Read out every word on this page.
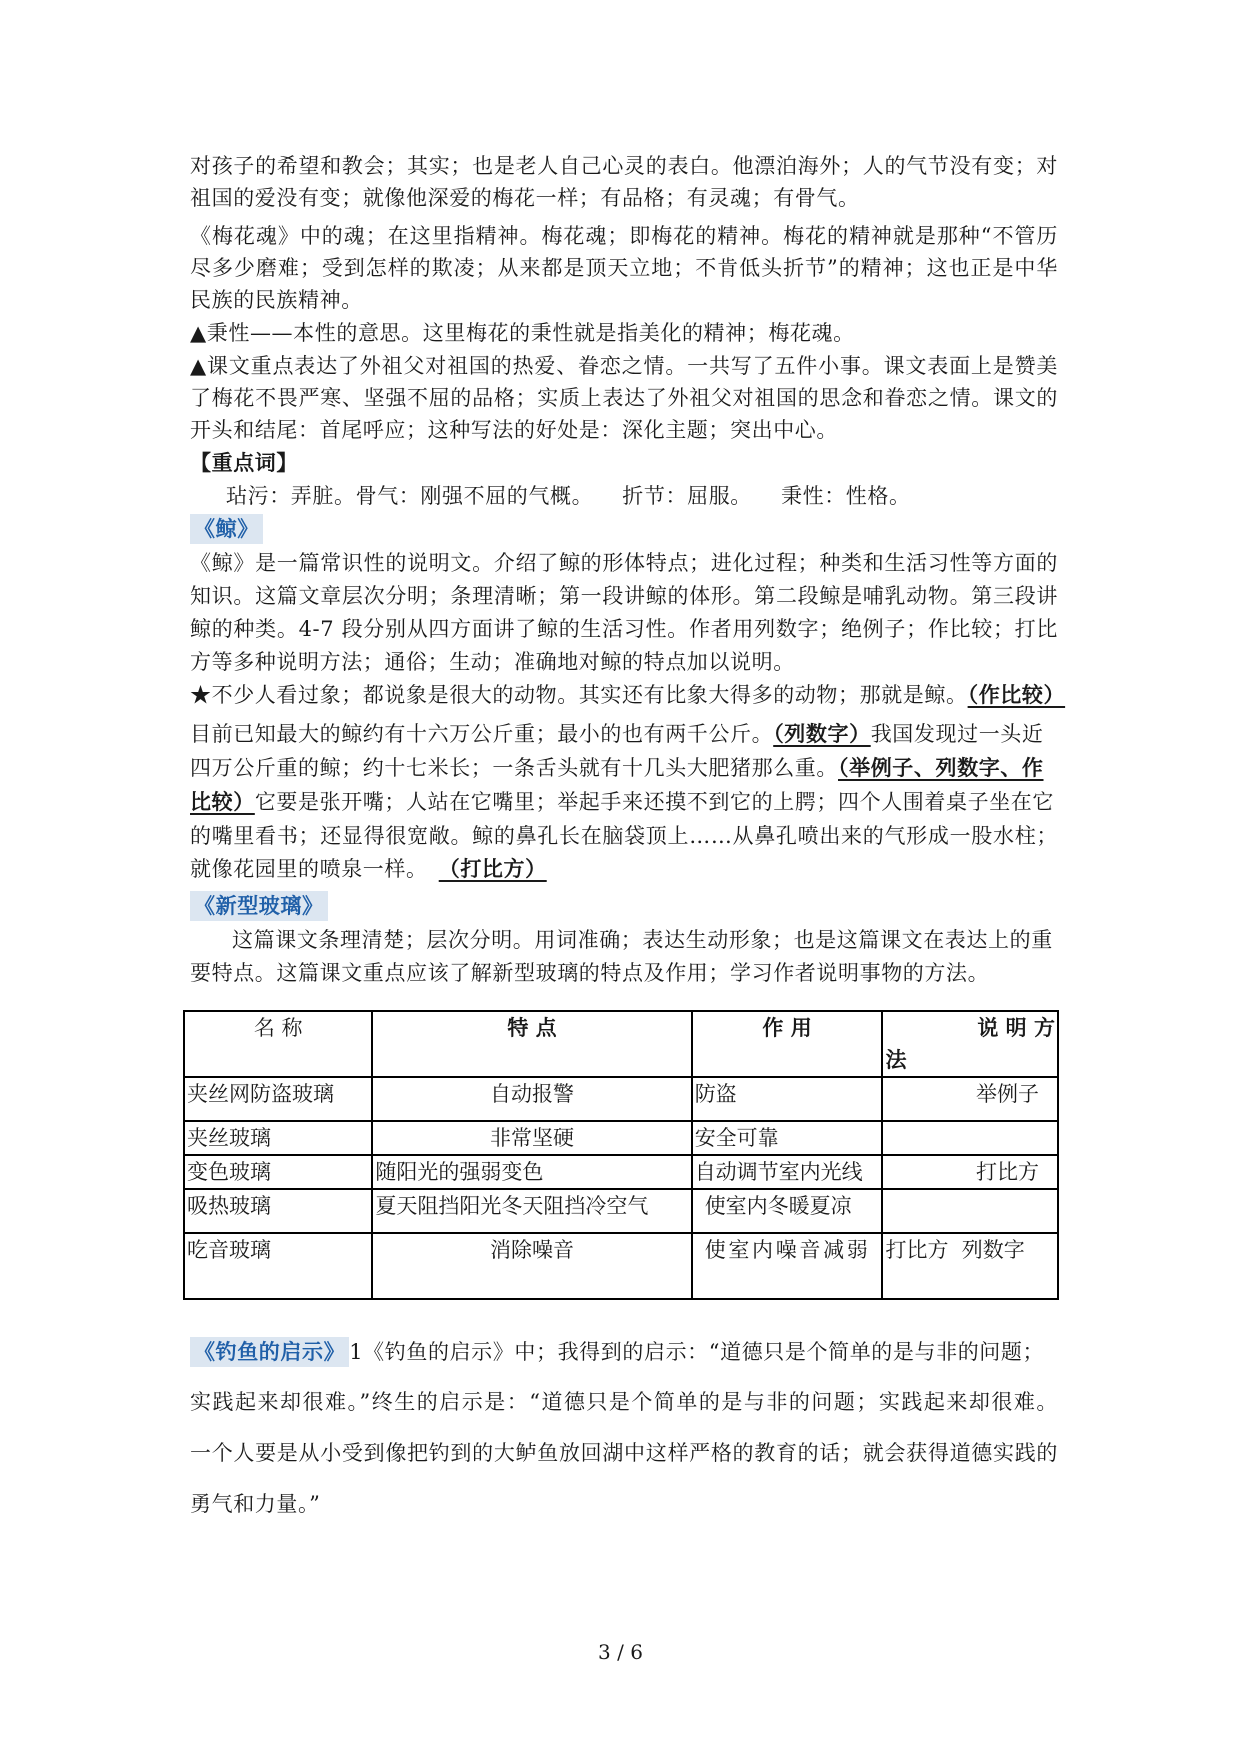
对孩子的希望和教会；其实；也是老人自己心灵的表白。他漂泊海外；人的气节没有变；对
祖国的爱没有变；就像他深爱的梅花一样；有品格；有灵魂；有骨气。
《梅花魂》中的魂；在这里指精神。梅花魂；即梅花的精神。梅花的精神就是那种“不管历
尽多少磨难；受到怎样的欺凌；从来都是顶天立地；不肯低头折节”的精神；这也正是中华
民族的民族精神。
▲秉性——本性的意思。这里梅花的秉性就是指美化的精神；梅花魂。
▲课文重点表达了外祖父对祖国的热爱、眷恋之情。一共写了五件小事。课文表面上是赞美
了梅花不畏严寒、坚强不屈的品格；实质上表达了外祖父对祖国的思念和眷恋之情。课文的
开头和结尾：首尾呼应；这种写法的好处是：深化主题；突出中心。
【重点词】
玷污：弄脏。骨气：刚强不屈的气概。    折节：屈服。    秉性：性格。
《鲸》
《鲸》是一篇常识性的说明文。介绍了鲸的形体特点；进化过程；种类和生活习性等方面的
知识。这篇文章层次分明；条理清晰；第一段讲鲸的体形。第二段鲸是哺乳动物。第三段讲
鲸的种类。4-7 段分别从四方面讲了鲸的生活习性。作者用列数字；绝例子；作比较；打比
方等多种说明方法；通俗；生动；准确地对鲸的特点加以说明。
★不少人看过象；都说象是很大的动物。其实还有比象大得多的动物；那就是鲸。（作比较）
目前已知最大的鲸约有十六万公斤重；最小的也有两千公斤。（列数字）我国发现过一头近
四万公斤重的鲸；约十七米长；一条舌头就有十几头大肥猪那么重。（举例子、列数字、作
比较）它要是张开嘴；人站在它嘴里；举起手来还摸不到它的上腭；四个人围着桌子坐在它
的嘴里看书；还显得很宽敞。鲸的鼻孔长在脑袋顶上……从鼻孔喷出来的气形成一股水柱；
就像花园里的喷泉一样。  （打比方）
《新型玻璃》
这篇课文条理清楚；层次分明。用词准确；表达生动形象；也是这篇课文在表达上的重
要特点。这篇课文重点应该了解新型玻璃的特点及作用；学习作者说明事物的方法。
名 称	特 点	作 用	说 明 方
法

夹丝网防盗玻璃	自动报警	防盗	举例子
夹丝玻璃	非常坚硬	安全可靠	
变色玻璃	随阳光的强弱变色	自动调节室内光线	打比方
吸热玻璃	夏天阻挡阳光冬天阻挡冷空气	使室内冬暖夏凉	
吃音玻璃	消除噪音	使 室 内 噪 音 减 弱	打比方  列数字
《钓鱼的启示》 1《钓鱼的启示》中；我得到的启示：“道德只是个简单的是与非的问题；
实践起来却很难。”终生的启示是：“道德只是个简单的是与非的问题；实践起来却很难。
一个人要是从小受到像把钓到的大鲈鱼放回湖中这样严格的教育的话；就会获得道德实践的
勇气和力量。”
3 / 6
